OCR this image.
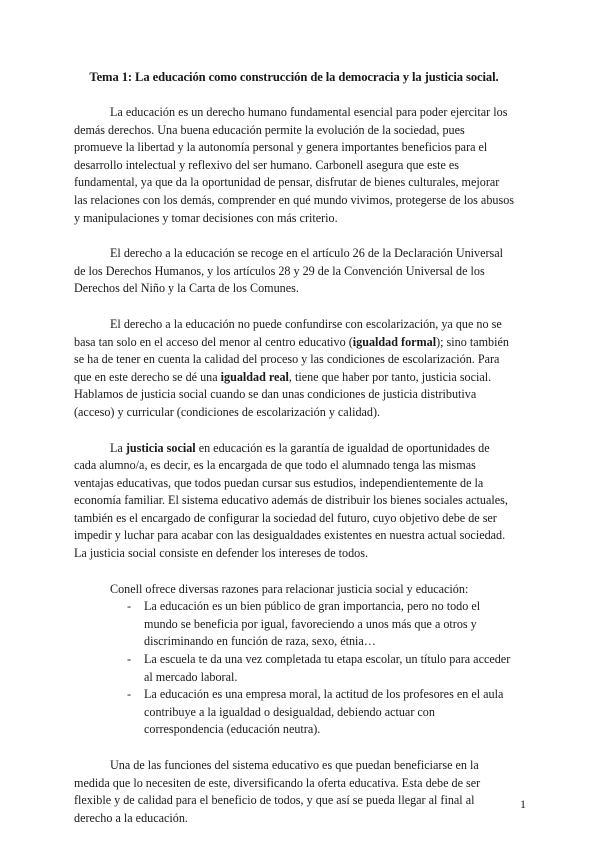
Tema 1: La educación como construcción de la democracia y la justicia social.

La educación es un derecho humano fundamental esencial para poder ejercitar los demás derechos. Una buena educación permite la evolución de la sociedad, pues promueve la libertad y la autonomía personal y genera importantes beneficios para el desarrollo intelectual y reflexivo del ser humano. Carbonell asegura que este es fundamental, ya que da la oportunidad de pensar, disfrutar de bienes culturales, mejorar las relaciones con los demás, comprender en qué mundo vivimos, protegerse de los abusos y manipulaciones y tomar decisiones con más criterio.

El derecho a la educación se recoge en el artículo 26 de la Declaración Universal de los Derechos Humanos, y los artículos 28 y 29 de la Convención Universal de los Derechos del Niño y la Carta de los Comunes.

El derecho a la educación no puede confundirse con escolarización, ya que no se basa tan solo en el acceso del menor al centro educativo (igualdad formal); sino también se ha de tener en cuenta la calidad del proceso y las condiciones de escolarización. Para que en este derecho se dé una igualdad real, tiene que haber por tanto, justicia social. Hablamos de justicia social cuando se dan unas condiciones de justicia distributiva (acceso) y curricular (condiciones de escolarización y calidad).

La justicia social en educación es la garantía de igualdad de oportunidades de cada alumno/a, es decir, es la encargada de que todo el alumnado tenga las mismas ventajas educativas, que todos puedan cursar sus estudios, independientemente de la economía familiar. El sistema educativo además de distribuir los bienes sociales actuales, también es el encargado de configurar la sociedad del futuro, cuyo objetivo debe de ser impedir y luchar para acabar con las desigualdades existentes en nuestra actual sociedad. La justicia social consiste en defender los intereses de todos.

Conell ofrece diversas razones para relacionar justicia social y educación:

- La educación es un bien público de gran importancia, pero no todo el mundo se beneficia por igual, favoreciendo a unos más que a otros y discriminando en función de raza, sexo, étnia…
- La escuela te da una vez completada tu etapa escolar, un título para acceder al mercado laboral.
- La educación es una empresa moral, la actitud de los profesores en el aula contribuye a la igualdad o desigualdad, debiendo actuar con correspondencia (educación neutra).

Una de las funciones del sistema educativo es que puedan beneficiarse en la medida que lo necesiten de este, diversificando la oferta educativa. Esta debe de ser flexible y de calidad para el beneficio de todos, y que así se pueda llegar al final al derecho a la educación.

1
